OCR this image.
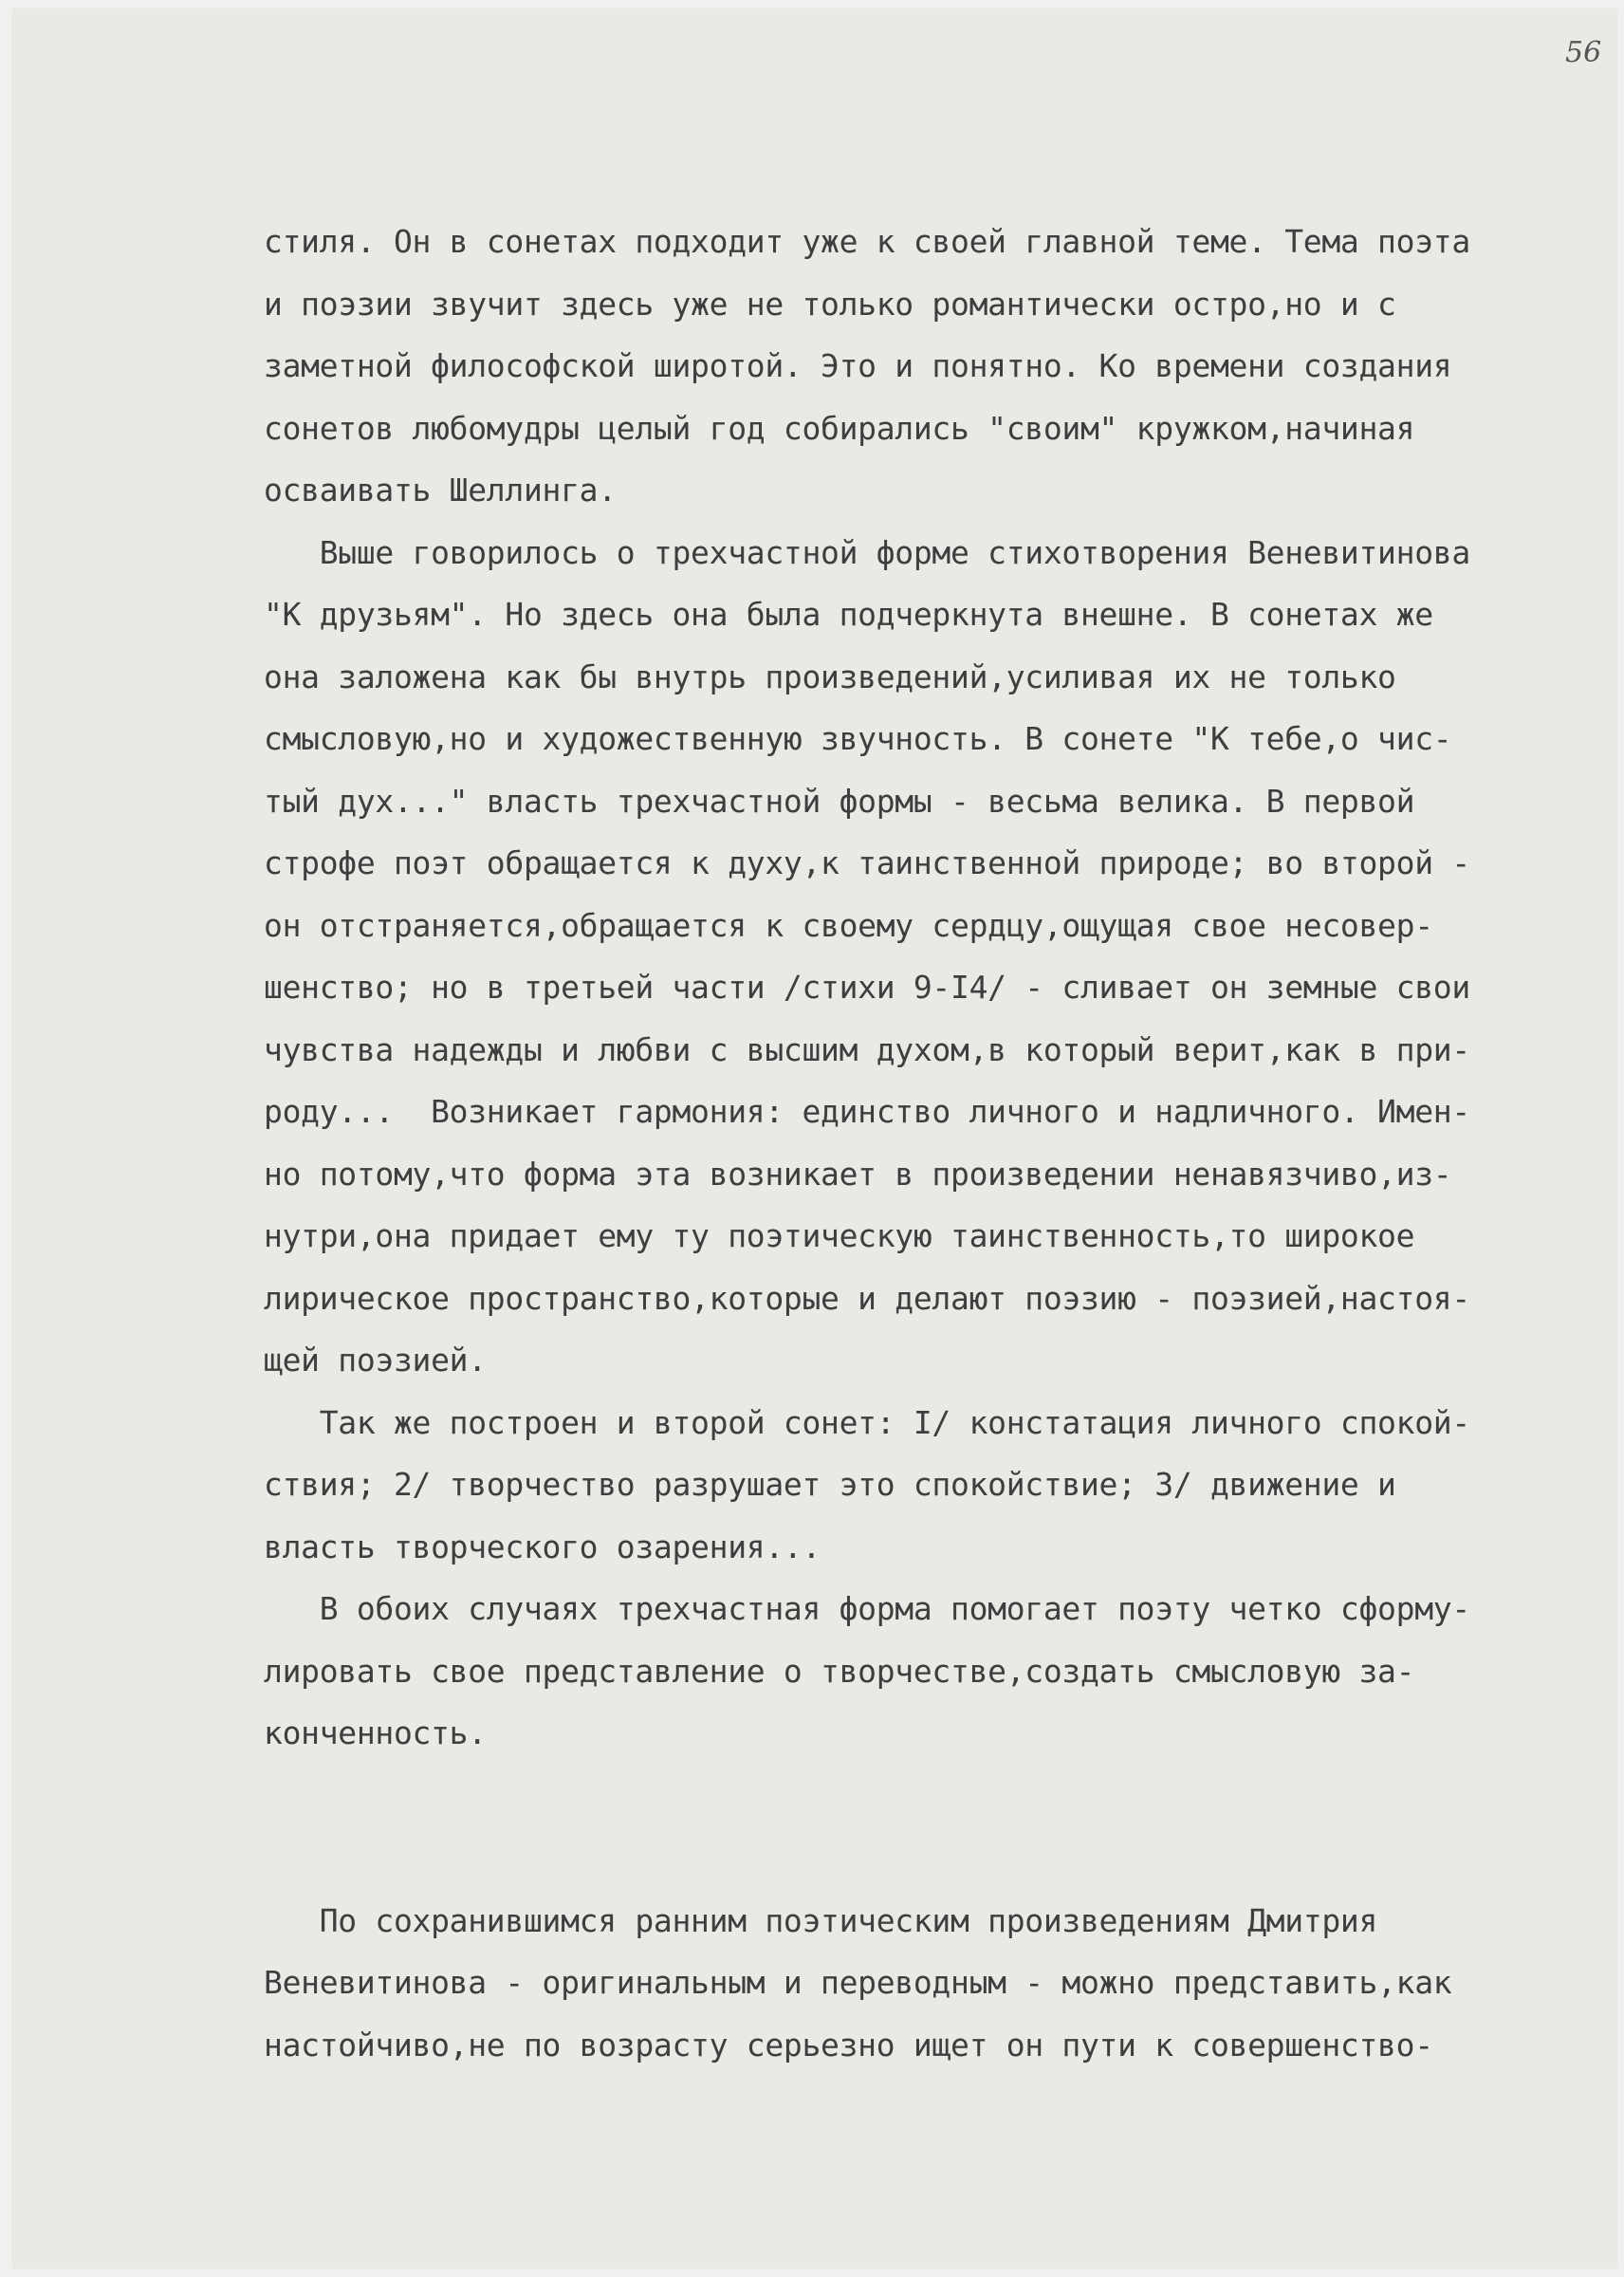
56
стиля. Он в сонетах подходит уже к своей главной теме. Тема поэта
и поэзии звучит здесь уже не только романтически остро,но и с
заметной философской широтой. Это и понятно. Ко времени создания
сонетов любомудры целый год собирались "своим" кружком,начиная
осваивать Шеллинга.
Выше говорилось о трехчастной форме стихотворения Веневитинова
"К друзьям". Но здесь она была подчеркнута внешне. В сонетах же
она заложена как бы внутрь произведений,усиливая их не только
смысловую,но и художественную звучность. В сонете "К тебе,о чис-
тый дух..." власть трехчастной формы - весьма велика. В первой
строфе поэт обращается к духу,к таинственной природе; во второй -
он отстраняется,обращается к своему сердцу,ощущая свое несовер-
шенство; но в третьей части /стихи 9-I4/ - сливает он земные свои
чувства надежды и любви с высшим духом,в который верит,как в при-
роду...  Возникает гармония: единство личного и надличного. Имен-
но потому,что форма эта возникает в произведении ненавязчиво,из-
нутри,она придает ему ту поэтическую таинственность,то широкое
лирическое пространство,которые и делают поэзию - поэзией,настоя-
щей поэзией.
Так же построен и второй сонет: I/ констатация личного спокой-
ствия; 2/ творчество разрушает это спокойствие; 3/ движение и
власть творческого озарения...
В обоих случаях трехчастная форма помогает поэту четко сформу-
лировать свое представление о творчестве,создать смысловую за-
конченность.
По сохранившимся ранним поэтическим произведениям Дмитрия
Веневитинова - оригинальным и переводным - можно представить,как
настойчиво,не по возрасту серьезно ищет он пути к совершенство-
